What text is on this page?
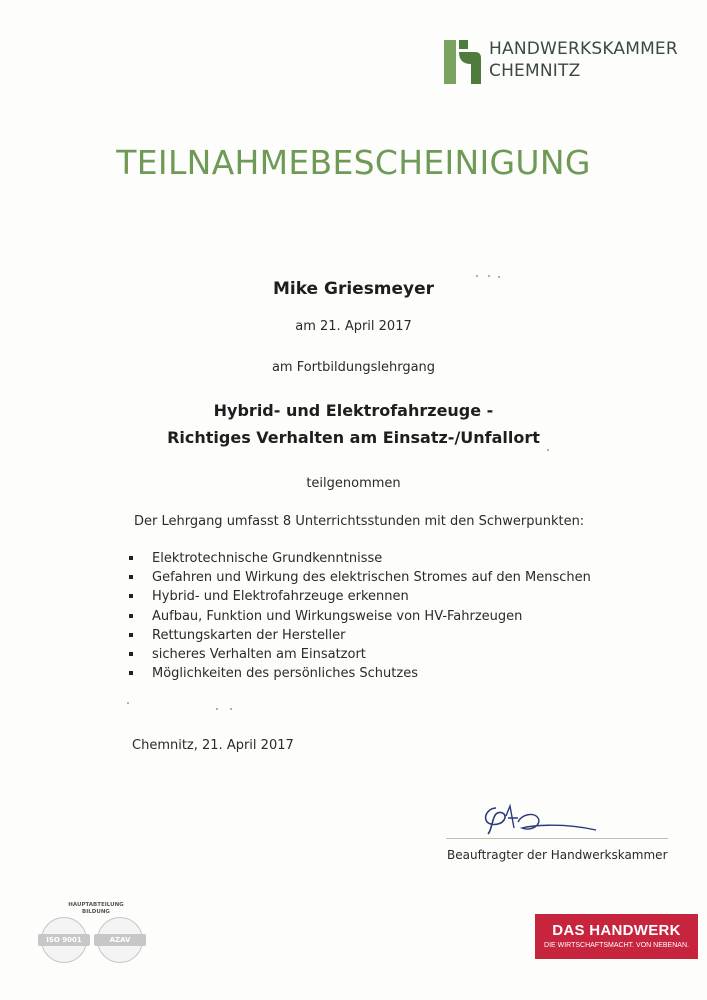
HANDWERKSKAMMER
CHEMNITZ
TEILNAHMEBESCHEINIGUNG
Mike Griesmeyer
am 21. April 2017
am Fortbildungslehrgang
Hybrid- und Elektrofahrzeuge -
Richtiges Verhalten am Einsatz-/Unfallort
teilgenommen
Der Lehrgang umfasst 8 Unterrichtsstunden mit den Schwerpunkten:
Elektrotechnische Grundkenntnisse
Gefahren und Wirkung des elektrischen Stromes auf den Menschen
Hybrid- und Elektrofahrzeuge erkennen
Aufbau, Funktion und Wirkungsweise von HV-Fahrzeugen
Rettungskarten der Hersteller
sicheres Verhalten am Einsatzort
Möglichkeiten des persönliches Schutzes
Chemnitz, 21. April 2017
Beauftragter der Handwerkskammer
HAUPTABTEILUNG
BILDUNG
ISO 9001	AZAV
DAS HANDWERK
DIE WIRTSCHAFTSMACHT. VON NEBENAN.
